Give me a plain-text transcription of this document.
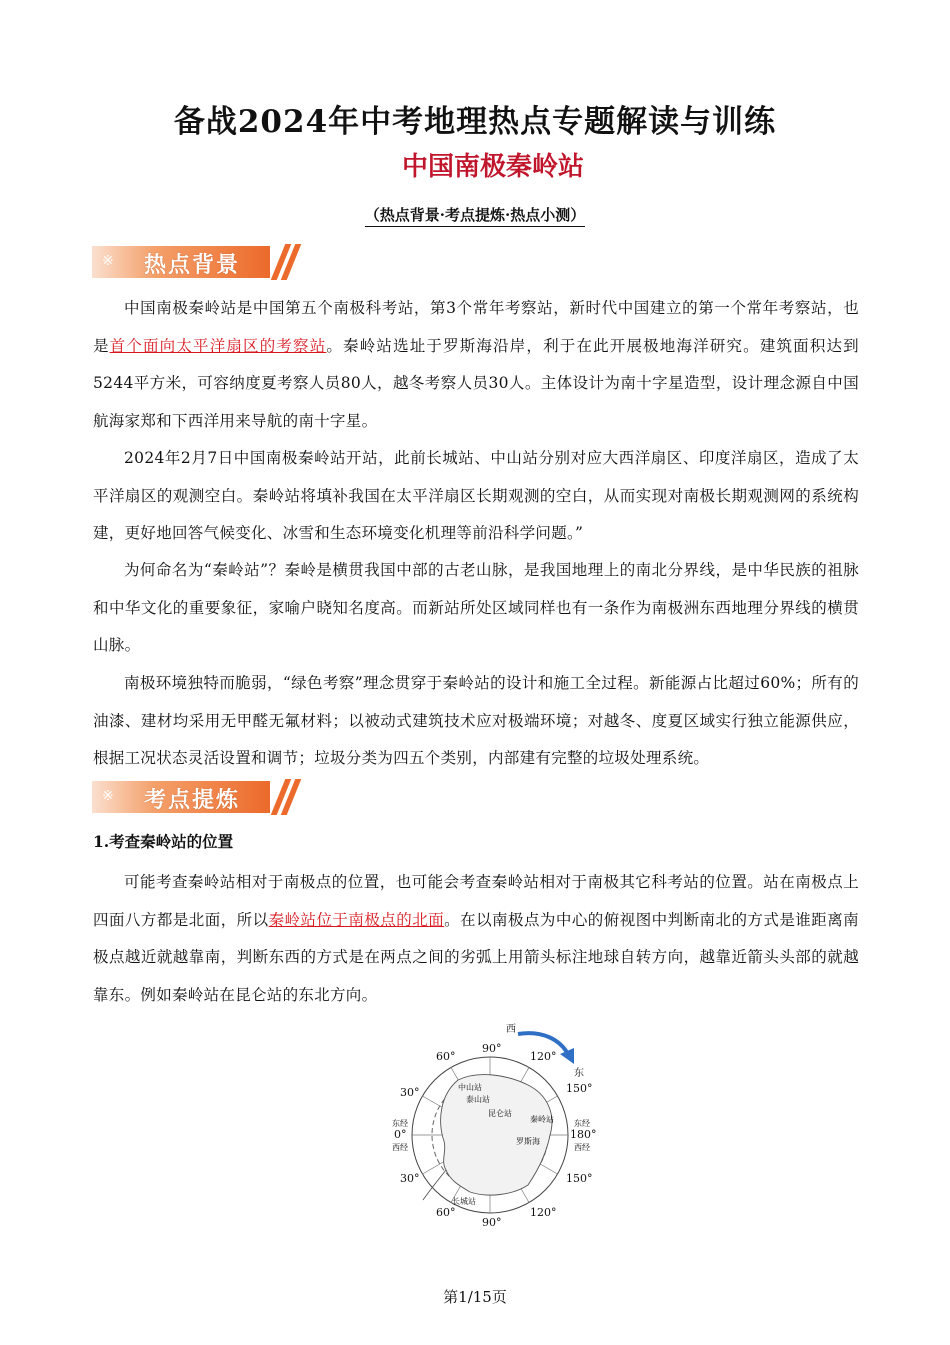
备战2024年中考地理热点专题解读与训练
中国南极秦岭站
（热点背景·考点提炼·热点小测）
※ 热点背景

中国南极秦岭站是中国第五个南极科考站，第3个常年考察站，新时代中国建立的第一个常年考察站，也是首个面向太平洋扇区的考察站。秦岭站选址于罗斯海沿岸，利于在此开展极地海洋研究。建筑面积达到5244平方米，可容纳度夏考察人员80人，越冬考察人员30人。主体设计为南十字星造型，设计理念源自中国航海家郑和下西洋用来导航的南十字星。

2024年2月7日中国南极秦岭站开站，此前长城站、中山站分别对应大西洋扇区、印度洋扇区，造成了太平洋扇区的观测空白。秦岭站将填补我国在太平洋扇区长期观测的空白，从而实现对南极长期观测网的系统构建，更好地回答气候变化、冰雪和生态环境变化机理等前沿科学问题。”

为何命名为“秦岭站”？秦岭是横贯我国中部的古老山脉，是我国地理上的南北分界线，是中华民族的祖脉和中华文化的重要象征，家喻户晓知名度高。而新站所处区域同样也有一条作为南极洲东西地理分界线的横贯山脉。

南极环境独特而脆弱，“绿色考察”理念贯穿于秦岭站的设计和施工全过程。新能源占比超过60%；所有的油漆、建材均采用无甲醛无氟材料；以被动式建筑技术应对极端环境；对越冬、度夏区域实行独立能源供应，根据工况状态灵活设置和调节；垃圾分类为四五个类别，内部建有完整的垃圾处理系统。

※ 考点提炼
1.考查秦岭站的位置

可能考查秦岭站相对于南极点的位置，也可能会考查秦岭站相对于南极其它科考站的位置。站在南极点上四面八方都是北面，所以秦岭站位于南极点的北面。在以南极点为中心的俯视图中判断南北的方式是谁距离南极点越近就越靠南，判断东西的方式是在两点之间的劣弧上用箭头标注地球自转方向，越靠近箭头头部的就越靠东。例如秦岭站在昆仑站的东北方向。

西
东
60°
90°
120°
150°
180°
150°
120°
90°
60°
30°
0°
30°
东经
西经
东经
西经
中山站
泰山站
昆仑站
秦岭站
罗斯海
长城站
第1/15页
